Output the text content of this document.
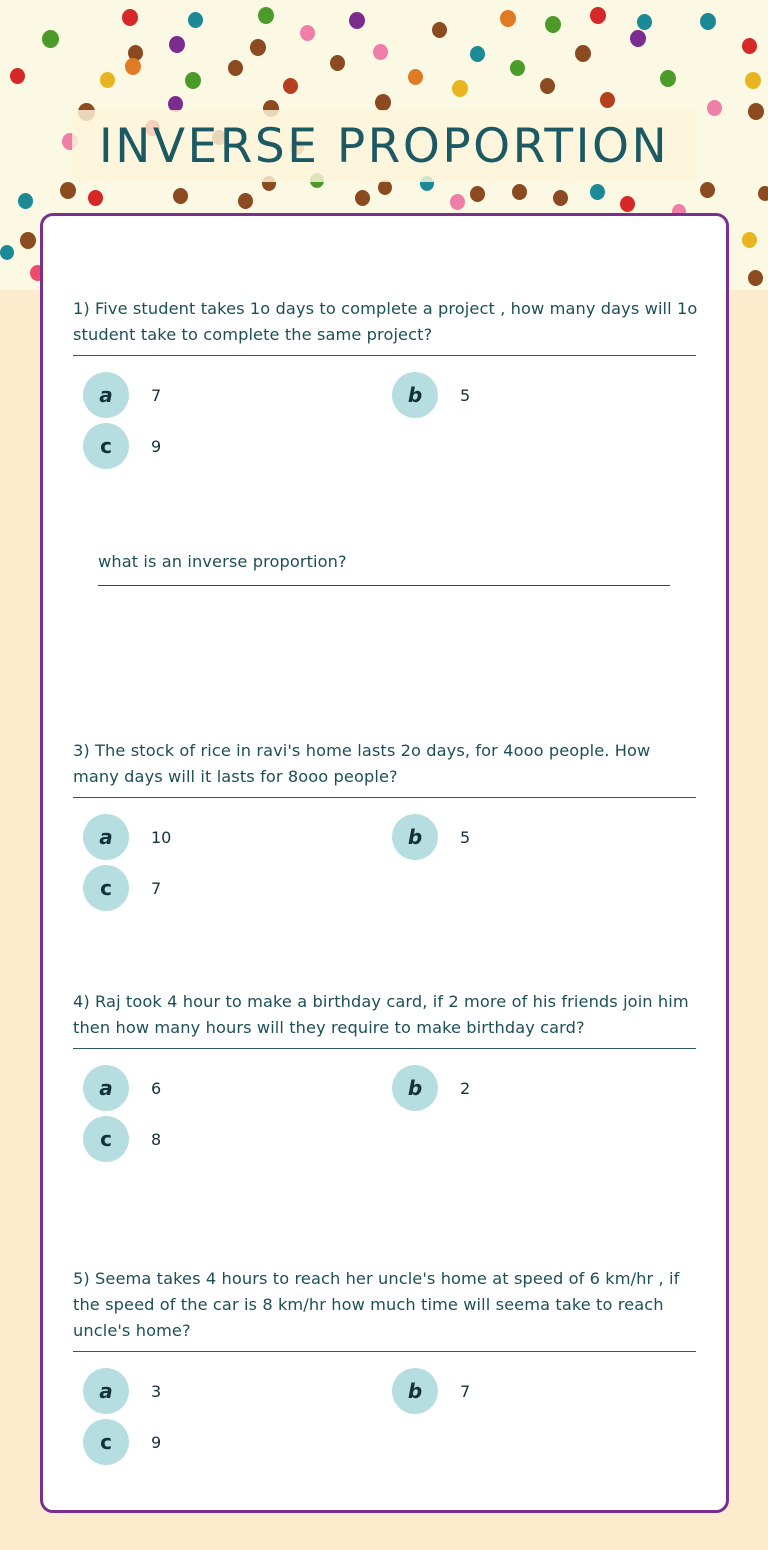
INVERSE PROPORTION
1) Five student takes 1o days to complete a project , how many days will 1o student take to complete the same project?
a	7	b	5
c	9
what is an inverse proportion?
3) The stock of rice in ravi's home lasts 2o days, for 4ooo people. How many days will it lasts for 8ooo people?
a	10	b	5
c	7
4) Raj took 4 hour to make a birthday card, if 2 more of his friends join him then how many hours will they require to make birthday card?
a	6	b	2
c	8
5) Seema takes 4 hours to reach her uncle's home at speed of 6 km/hr , if the speed of the car is 8 km/hr how much time will seema take to reach uncle's home?
a	3	b	7
c	9
